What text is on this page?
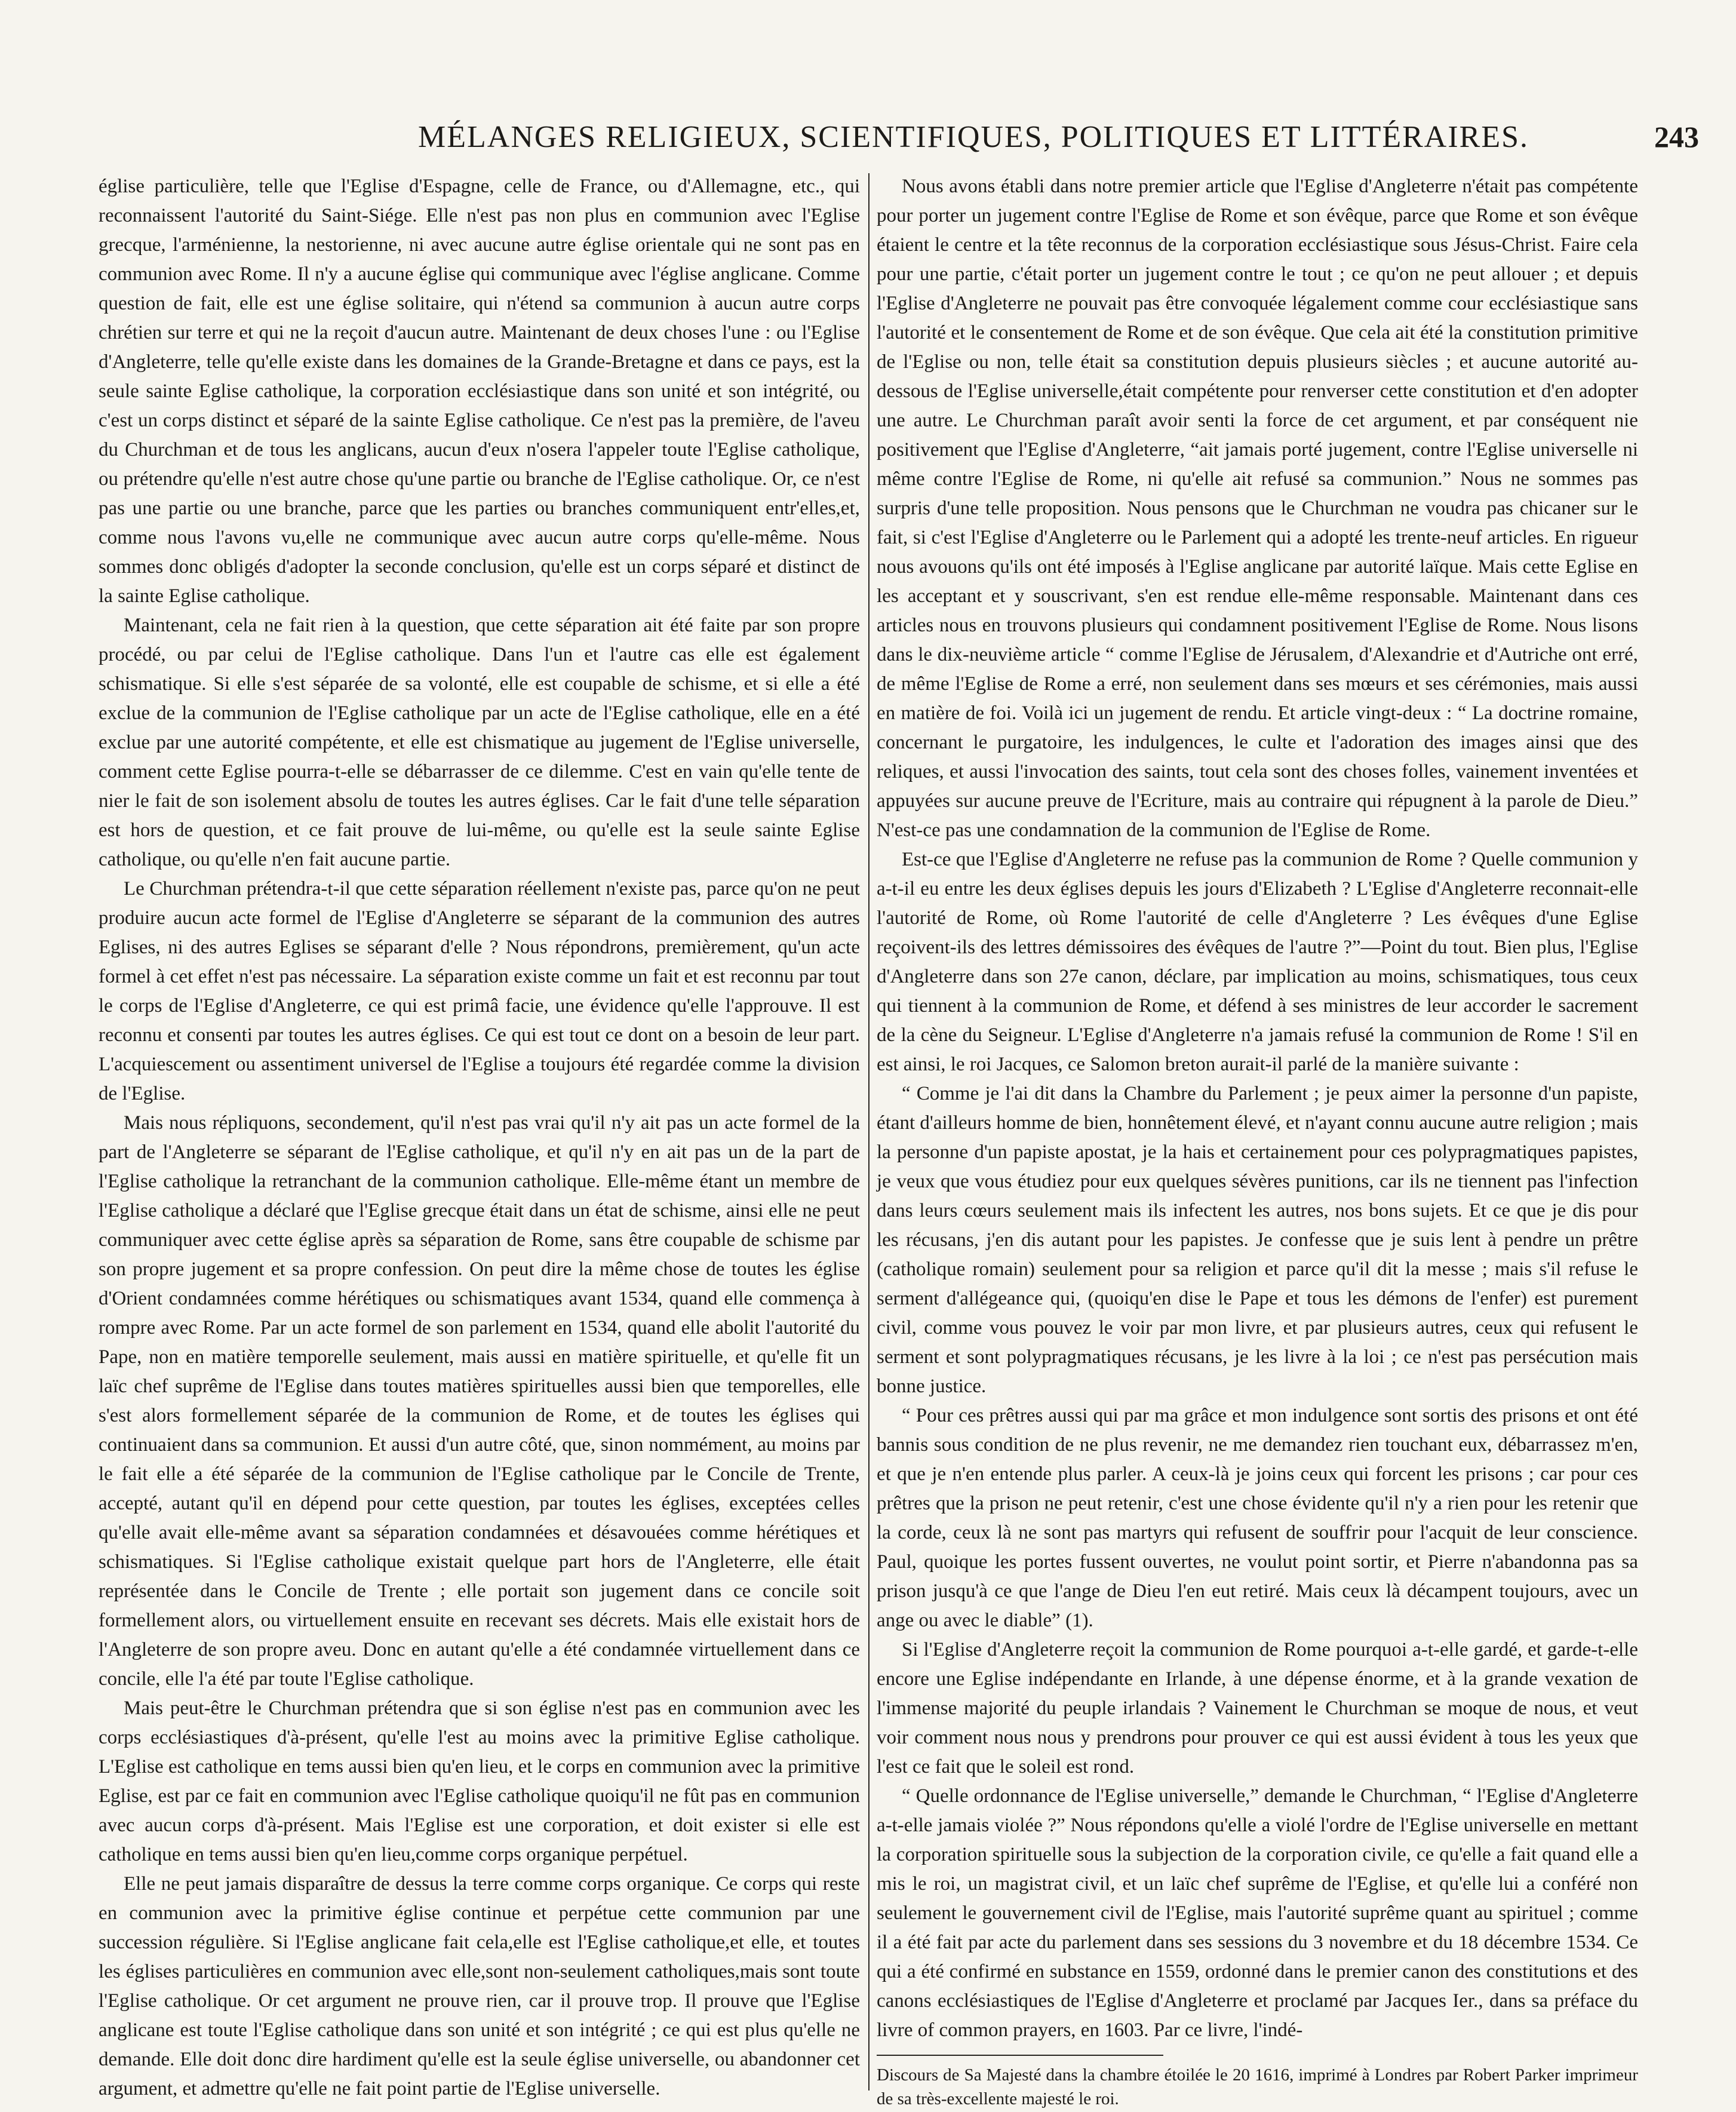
MÉLANGES RELIGIEUX, SCIENTIFIQUES, POLITIQUES ET LITTÉRAIRES.	243

église particulière, telle que l'Eglise d'Espagne, celle de France, ou d'Allemagne, etc., qui reconnaissent l'autorité du Saint-Siége. Elle n'est pas non plus en communion avec l'Eglise grecque, l'arménienne, la nestorienne, ni avec aucune autre église orientale qui ne sont pas en communion avec Rome. Il n'y a aucune église qui communique avec l'église anglicane. Comme question de fait, elle est une église solitaire, qui n'étend sa communion à aucun autre corps chrétien sur terre et qui ne la reçoit d'aucun autre. Maintenant de deux choses l'une : ou l'Eglise d'Angleterre, telle qu'elle existe dans les domaines de la Grande-Bretagne et dans ce pays, est la seule sainte Eglise catholique, la corporation ecclésiastique dans son unité et son intégrité, ou c'est un corps distinct et séparé de la sainte Eglise catholique. Ce n'est pas la première, de l'aveu du Churchman et de tous les anglicans, aucun d'eux n'osera l'appeler toute l'Eglise catholique, ou prétendre qu'elle n'est autre chose qu'une partie ou branche de l'Eglise catholique. Or, ce n'est pas une partie ou une branche, parce que les parties ou branches communiquent entr'elles,et, comme nous l'avons vu,elle ne communique avec aucun autre corps qu'elle-même. Nous sommes donc obligés d'adopter la seconde conclusion, qu'elle est un corps séparé et distinct de la sainte Eglise catholique.

Maintenant, cela ne fait rien à la question, que cette séparation ait été faite par son propre procédé, ou par celui de l'Eglise catholique. Dans l'un et l'autre cas elle est également schismatique. Si elle s'est séparée de sa volonté, elle est coupable de schisme, et si elle a été exclue de la communion de l'Eglise catholique par un acte de l'Eglise catholique, elle en a été exclue par une autorité compétente, et elle est chismatique au jugement de l'Eglise universelle, comment cette Eglise pourra-t-elle se débarrasser de ce dilemme. C'est en vain qu'elle tente de nier le fait de son isolement absolu de toutes les autres églises. Car le fait d'une telle séparation est hors de question, et ce fait prouve de lui-même, ou qu'elle est la seule sainte Eglise catholique, ou qu'elle n'en fait aucune partie.

Le Churchman prétendra-t-il que cette séparation réellement n'existe pas, parce qu'on ne peut produire aucun acte formel de l'Eglise d'Angleterre se séparant de la communion des autres Eglises, ni des autres Eglises se séparant d'elle ? Nous répondrons, premièrement, qu'un acte formel à cet effet n'est pas nécessaire. La séparation existe comme un fait et est reconnu par tout le corps de l'Eglise d'Angleterre, ce qui est primâ facie, une évidence qu'elle l'approuve. Il est reconnu et consenti par toutes les autres églises. Ce qui est tout ce dont on a besoin de leur part. L'acquiescement ou assentiment universel de l'Eglise a toujours été regardée comme la division de l'Eglise.

Mais nous répliquons, secondement, qu'il n'est pas vrai qu'il n'y ait pas un acte formel de la part de l'Angleterre se séparant de l'Eglise catholique, et qu'il n'y en ait pas un de la part de l'Eglise catholique la retranchant de la communion catholique. Elle-même étant un membre de l'Eglise catholique a déclaré que l'Eglise grecque était dans un état de schisme, ainsi elle ne peut communiquer avec cette église après sa séparation de Rome, sans être coupable de schisme par son propre jugement et sa propre confession. On peut dire la même chose de toutes les église d'Orient condamnées comme hérétiques ou schismatiques avant 1534, quand elle commença à rompre avec Rome. Par un acte formel de son parlement en 1534, quand elle abolit l'autorité du Pape, non en matière temporelle seulement, mais aussi en matière spirituelle, et qu'elle fit un laïc chef suprême de l'Eglise dans toutes matières spirituelles aussi bien que temporelles, elle s'est alors formellement séparée de la communion de Rome, et de toutes les églises qui continuaient dans sa communion. Et aussi d'un autre côté, que, sinon nommément, au moins par le fait elle a été séparée de la communion de l'Eglise catholique par le Concile de Trente, accepté, autant qu'il en dépend pour cette question, par toutes les églises, exceptées celles qu'elle avait elle-même avant sa séparation condamnées et désavouées comme hérétiques et schismatiques. Si l'Eglise catholique existait quelque part hors de l'Angleterre, elle était représentée dans le Concile de Trente ; elle portait son jugement dans ce concile soit formellement alors, ou virtuellement ensuite en recevant ses décrets. Mais elle existait hors de l'Angleterre de son propre aveu. Donc en autant qu'elle a été condamnée virtuellement dans ce concile, elle l'a été par toute l'Eglise catholique.

Mais peut-être le Churchman prétendra que si son église n'est pas en communion avec les corps ecclésiastiques d'à-présent, qu'elle l'est au moins avec la primitive Eglise catholique. L'Eglise est catholique en tems aussi bien qu'en lieu, et le corps en communion avec la primitive Eglise, est par ce fait en communion avec l'Eglise catholique quoiqu'il ne fût pas en communion avec aucun corps d'à-présent. Mais l'Eglise est une corporation, et doit exister si elle est catholique en tems aussi bien qu'en lieu,comme corps organique perpétuel.

Elle ne peut jamais disparaître de dessus la terre comme corps organique. Ce corps qui reste en communion avec la primitive église continue et perpétue cette communion par une succession régulière. Si l'Eglise anglicane fait cela,elle est l'Eglise catholique,et elle, et toutes les églises particulières en communion avec elle,sont non-seulement catholiques,mais sont toute l'Eglise catholique. Or cet argument ne prouve rien, car il prouve trop. Il prouve que l'Eglise anglicane est toute l'Eglise catholique dans son unité et son intégrité ; ce qui est plus qu'elle ne demande. Elle doit donc dire hardiment qu'elle est la seule église universelle, ou abandonner cet argument, et admettre qu'elle ne fait point partie de l'Eglise universelle.

Nous avons établi dans notre premier article que l'Eglise d'Angleterre n'était pas compétente pour porter un jugement contre l'Eglise de Rome et son évêque, parce que Rome et son évêque étaient le centre et la tête reconnus de la corporation ecclésiastique sous Jésus-Christ. Faire cela pour une partie, c'était porter un jugement contre le tout ; ce qu'on ne peut allouer ; et depuis l'Eglise d'Angleterre ne pouvait pas être convoquée légalement comme cour ecclésiastique sans l'autorité et le consentement de Rome et de son évêque. Que cela ait été la constitution primitive de l'Eglise ou non, telle était sa constitution depuis plusieurs siècles ; et aucune autorité au-dessous de l'Eglise universelle,était compétente pour renverser cette constitution et d'en adopter une autre. Le Churchman paraît avoir senti la force de cet argument, et par conséquent nie positivement que l'Eglise d'Angleterre, “ait jamais porté jugement, contre l'Eglise universelle ni même contre l'Eglise de Rome, ni qu'elle ait refusé sa communion.” Nous ne sommes pas surpris d'une telle proposition. Nous pensons que le Churchman ne voudra pas chicaner sur le fait, si c'est l'Eglise d'Angleterre ou le Parlement qui a adopté les trente-neuf articles. En rigueur nous avouons qu'ils ont été imposés à l'Eglise anglicane par autorité laïque. Mais cette Eglise en les acceptant et y souscrivant, s'en est rendue elle-même responsable. Maintenant dans ces articles nous en trouvons plusieurs qui condamnent positivement l'Eglise de Rome. Nous lisons dans le dix-neuvième article “ comme l'Eglise de Jérusalem, d'Alexandrie et d'Autriche ont erré, de même l'Eglise de Rome a erré, non seulement dans ses mœurs et ses cérémonies, mais aussi en matière de foi. Voilà ici un jugement de rendu. Et article vingt-deux : “ La doctrine romaine, concernant le purgatoire, les indulgences, le culte et l'adoration des images ainsi que des reliques, et aussi l'invocation des saints, tout cela sont des choses folles, vainement inventées et appuyées sur aucune preuve de l'Ecriture, mais au contraire qui répugnent à la parole de Dieu.” N'est-ce pas une condamnation de la communion de l'Eglise de Rome.

Est-ce que l'Eglise d'Angleterre ne refuse pas la communion de Rome ? Quelle communion y a-t-il eu entre les deux églises depuis les jours d'Elizabeth ? L'Eglise d'Angleterre reconnait-elle l'autorité de Rome, où Rome l'autorité de celle d'Angleterre ? Les évêques d'une Eglise reçoivent-ils des lettres démissoires des évêques de l'autre ?”—Point du tout. Bien plus, l'Eglise d'Angleterre dans son 27e canon, déclare, par implication au moins, schismatiques, tous ceux qui tiennent à la communion de Rome, et défend à ses ministres de leur accorder le sacrement de la cène du Seigneur. L'Eglise d'Angleterre n'a jamais refusé la communion de Rome ! S'il en est ainsi, le roi Jacques, ce Salomon breton aurait-il parlé de la manière suivante :

“ Comme je l'ai dit dans la Chambre du Parlement ; je peux aimer la personne d'un papiste, étant d'ailleurs homme de bien, honnêtement élevé, et n'ayant connu aucune autre religion ; mais la personne d'un papiste apostat, je la hais et certainement pour ces polypragmatiques papistes, je veux que vous étudiez pour eux quelques sévères punitions, car ils ne tiennent pas l'infection dans leurs cœurs seulement mais ils infectent les autres, nos bons sujets. Et ce que je dis pour les récusans, j'en dis autant pour les papistes. Je confesse que je suis lent à pendre un prêtre (catholique romain) seulement pour sa religion et parce qu'il dit la messe ; mais s'il refuse le serment d'allégeance qui, (quoiqu'en dise le Pape et tous les démons de l'enfer) est purement civil, comme vous pouvez le voir par mon livre, et par plusieurs autres, ceux qui refusent le serment et sont polypragmatiques récusans, je les livre à la loi ; ce n'est pas persécution mais bonne justice.

“ Pour ces prêtres aussi qui par ma grâce et mon indulgence sont sortis des prisons et ont été bannis sous condition de ne plus revenir, ne me demandez rien touchant eux, débarrassez m'en, et que je n'en entende plus parler. A ceux-là je joins ceux qui forcent les prisons ; car pour ces prêtres que la prison ne peut retenir, c'est une chose évidente qu'il n'y a rien pour les retenir que la corde, ceux là ne sont pas martyrs qui refusent de souffrir pour l'acquit de leur conscience. Paul, quoique les portes fussent ouvertes, ne voulut point sortir, et Pierre n'abandonna pas sa prison jusqu'à ce que l'ange de Dieu l'en eut retiré. Mais ceux là décampent toujours, avec un ange ou avec le diable” (1).

Si l'Eglise d'Angleterre reçoit la communion de Rome pourquoi a-t-elle gardé, et garde-t-elle encore une Eglise indépendante en Irlande, à une dépense énorme, et à la grande vexation de l'immense majorité du peuple irlandais ? Vainement le Churchman se moque de nous, et veut voir comment nous nous y prendrons pour prouver ce qui est aussi évident à tous les yeux que l'est ce fait que le soleil est rond.

“ Quelle ordonnance de l'Eglise universelle,” demande le Churchman, “ l'Eglise d'Angleterre a-t-elle jamais violée ?” Nous répondons qu'elle a violé l'ordre de l'Eglise universelle en mettant la corporation spirituelle sous la subjection de la corporation civile, ce qu'elle a fait quand elle a mis le roi, un magistrat civil, et un laïc chef suprême de l'Eglise, et qu'elle lui a conféré non seulement le gouvernement civil de l'Eglise, mais l'autorité suprême quant au spirituel ; comme il a été fait par acte du parlement dans ses sessions du 3 novembre et du 18 décembre 1534. Ce qui a été confirmé en substance en 1559, ordonné dans le premier canon des constitutions et des canons ecclésiastiques de l'Eglise d'Angleterre et proclamé par Jacques Ier., dans sa préface du livre of common prayers, en 1603. Par ce livre, l'indé-

Discours de Sa Majesté dans la chambre étoilée le 20 1616, imprimé à Londres par Robert Parker imprimeur de sa très-excellente majesté le roi.
